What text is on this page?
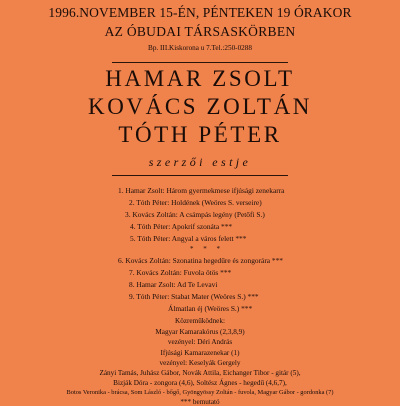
1996.NOVEMBER 15-ÉN, PÉNTEKEN 19 ÓRAKOR
AZ ÓBUDAI TÁRSASKÖRBEN
Bp. III.Kiskorona u 7.Tel.:250-0288
HAMAR ZSOLT
KOVÁCS ZOLTÁN
TÓTH PÉTER
szerzői estje
1. Hamar Zsolt: Három gyermekmese ifjúsági zenekarra
2. Tóth Péter: Holdének (Weöres S. verseire)
3. Kovács Zoltán: A csámpás legény (Petőfi S.)
4. Tóth Péter: Apokrif szonáta ***
5. Tóth Péter: Angyal a város felett ***
* * *
6. Kovács Zoltán: Szonatina hegedűre és zongorára ***
7. Kovács Zoltán: Fuvola ötös ***
8. Hamar Zsolt: Ad Te Levavi
9. Tóth Péter: Stabat Mater (Weöres S.) ***
Álmatlan éj (Weöres S.) ***
Közreműködnek:
Magyar Kamarakórus (2,3,8,9)
vezényel: Déri András
Ifjúsági Kamarazenekar (1)
vezényel: Keselyák Gergely
Zányi Tamás, Juhász Gábor, Novák Attila, Eichanger Tibor - gitár (5),
Bizják Dóra - zongora (4,6), Soltész Ágnes - hegedű (4,6,7),
Botos Veronika - brácsa, Som László - bőgő, Gyöngyössy Zoltán - fuvola, Magyar Gábor - gordonka (7)
*** bemutató
